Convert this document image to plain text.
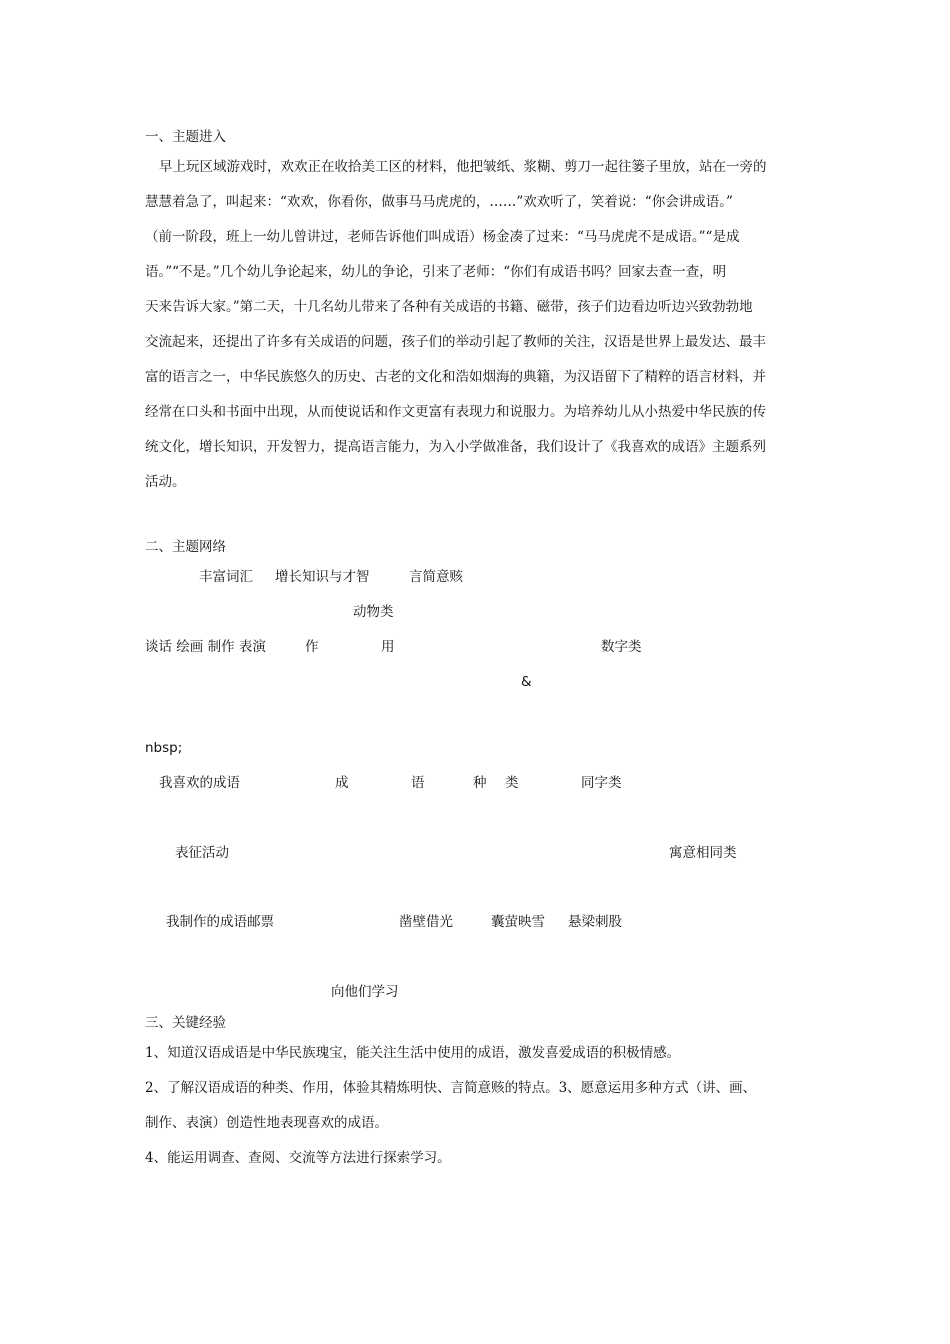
一、主题进入
早上玩区域游戏时，欢欢正在收拾美工区的材料，他把皱纸、浆糊、剪刀一起往篓子里放，站在一旁的
慧慧着急了，叫起来：“欢欢，你看你，做事马马虎虎的，……”欢欢听了，笑着说：“你会讲成语。”
（前一阶段，班上一幼儿曾讲过，老师告诉他们叫成语）杨金凑了过来：“马马虎虎不是成语。”“是成
语。”“不是。”几个幼儿争论起来，幼儿的争论，引来了老师：“你们有成语书吗？回家去查一查，明
天来告诉大家。”第二天，十几名幼儿带来了各种有关成语的书籍、磁带，孩子们边看边听边兴致勃勃地
交流起来，还提出了许多有关成语的问题，孩子们的举动引起了教师的关注，汉语是世界上最发达、最丰
富的语言之一，中华民族悠久的历史、古老的文化和浩如烟海的典籍，为汉语留下了精粹的语言材料，并
经常在口头和书面中出现，从而使说话和作文更富有表现力和说服力。为培养幼儿从小热爱中华民族的传
统文化，增长知识，开发智力，提高语言能力，为入小学做准备，我们设计了《我喜欢的成语》主题系列
活动。
二、主题网络
丰富词汇 增长知识与才智	言简意赅
动物类
谈话 绘画 制作 表演	作	用	数字类
&
nbsp;
我喜欢的成语	成	语	种 类	同字类
表征活动	寓意相同类
我制作的成语邮票	凿壁借光	囊萤映雪 悬梁刺股
向他们学习
三、关键经验
1、知道汉语成语是中华民族瑰宝，能关注生活中使用的成语，激发喜爱成语的积极情感。
2、了解汉语成语的种类、作用，体验其精炼明快、言简意赅的特点。3、愿意运用多种方式（讲、画、
制作、表演）创造性地表现喜欢的成语。
4、能运用调查、查阅、交流等方法进行探索学习。
